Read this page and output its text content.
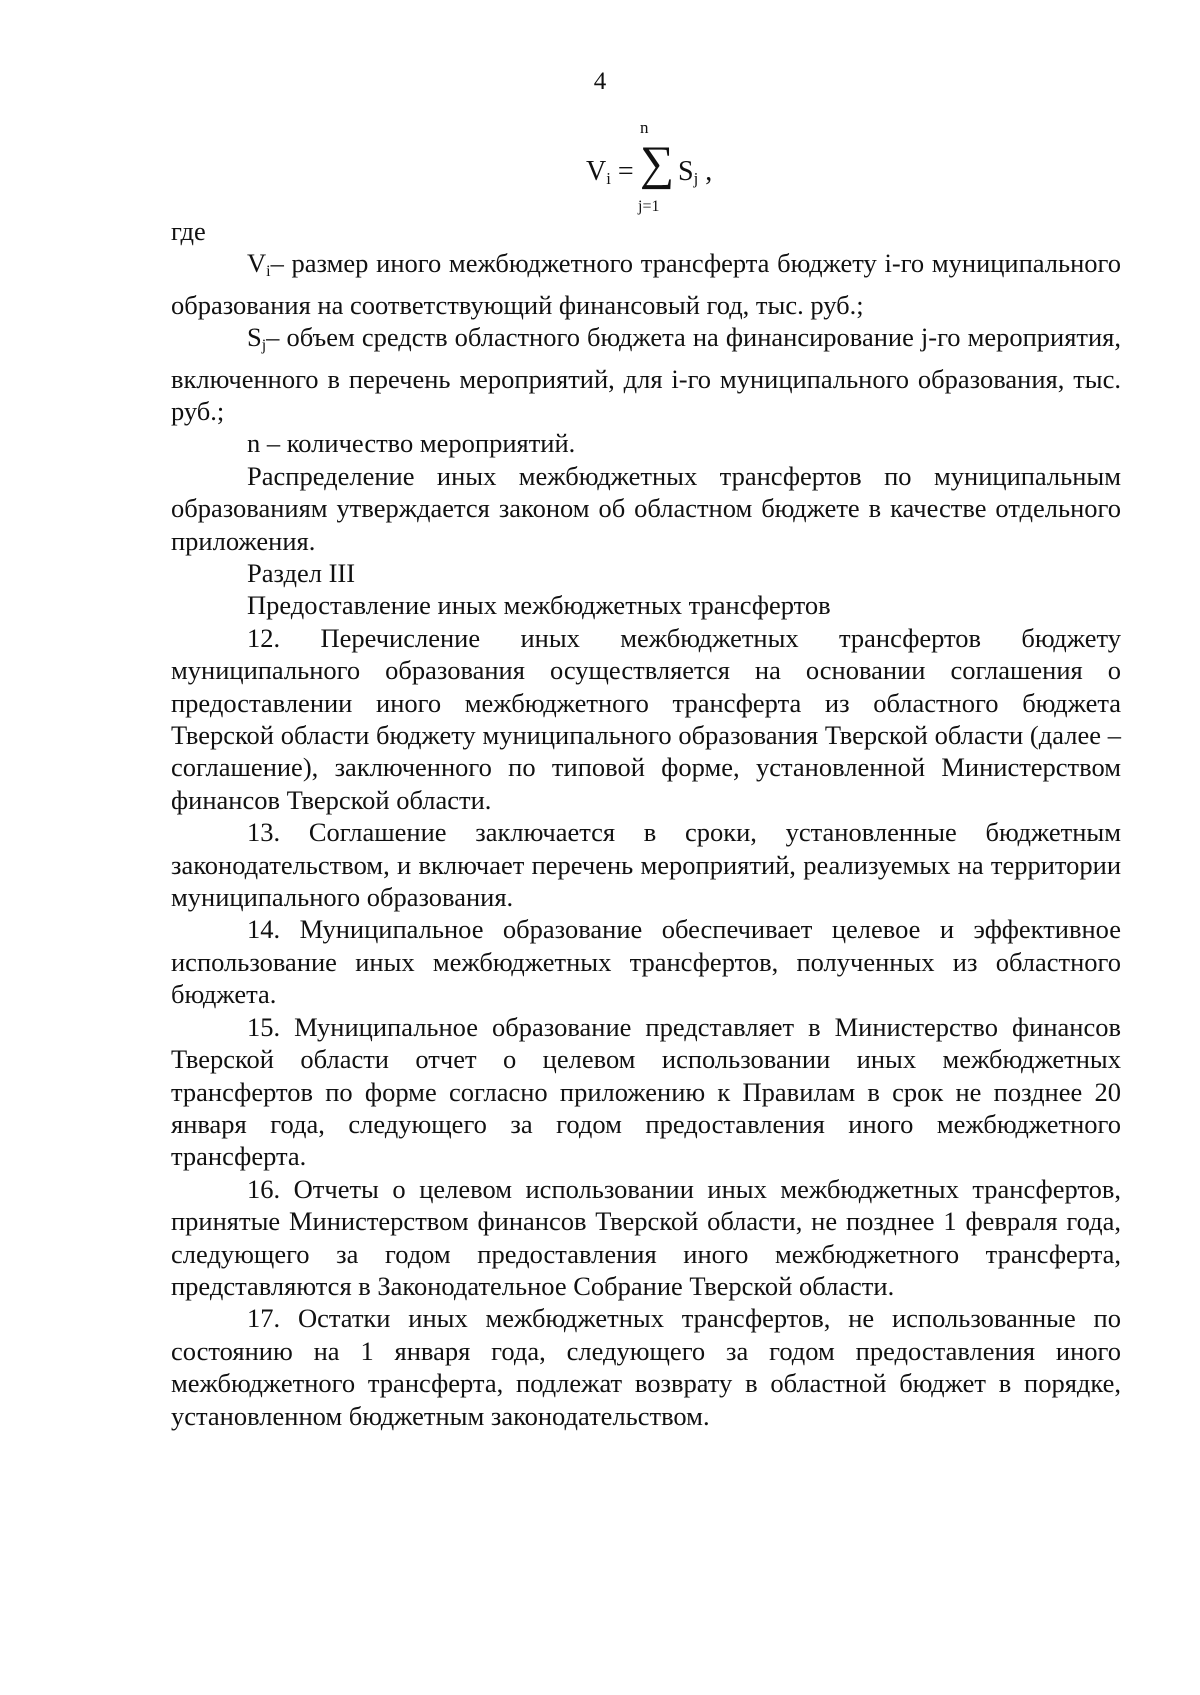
4
n
$V_i$ = ∑ $S_j$ ,
j=1

где

$V_i-$ размер иного межбюджетного трансферта бюджету i-го муниципального образования на соответствующий финансовый год, тыс. руб.;

$S_j-$ объем средств областного бюджета на финансирование j-го мероприятия, включенного в перечень мероприятий, для i-го муниципального образования, тыс. руб.;

n – количество мероприятий.

Распределение иных межбюджетных трансфертов по муниципальным образованиям утверждается законом об областном бюджете в качестве отдельного приложения.

Раздел III

Предоставление иных межбюджетных трансфертов

12. Перечисление иных межбюджетных трансфертов бюджету муниципального образования осуществляется на основании соглашения о предоставлении иного межбюджетного трансферта из областного бюджета Тверской области бюджету муниципального образования Тверской области (далее – соглашение), заключенного по типовой форме, установленной Министерством финансов Тверской области.

13. Соглашение заключается в сроки, установленные бюджетным законодательством, и включает перечень мероприятий, реализуемых на территории муниципального образования.

14. Муниципальное образование обеспечивает целевое и эффективное использование иных межбюджетных трансфертов, полученных из областного бюджета.

15. Муниципальное образование представляет в Министерство финансов Тверской области отчет о целевом использовании иных межбюджетных трансфертов по форме согласно приложению к Правилам в срок не позднее 20 января года, следующего за годом предоставления иного межбюджетного трансферта.

16. Отчеты о целевом использовании иных межбюджетных трансфертов, принятые Министерством финансов Тверской области, не позднее 1 февраля года, следующего за годом предоставления иного межбюджетного трансферта, представляются в Законодательное Собрание Тверской области.

17. Остатки иных межбюджетных трансфертов, не использованные по состоянию на 1 января года, следующего за годом предоставления иного межбюджетного трансферта, подлежат возврату в областной бюджет в порядке, установленном бюджетным законодательством.
